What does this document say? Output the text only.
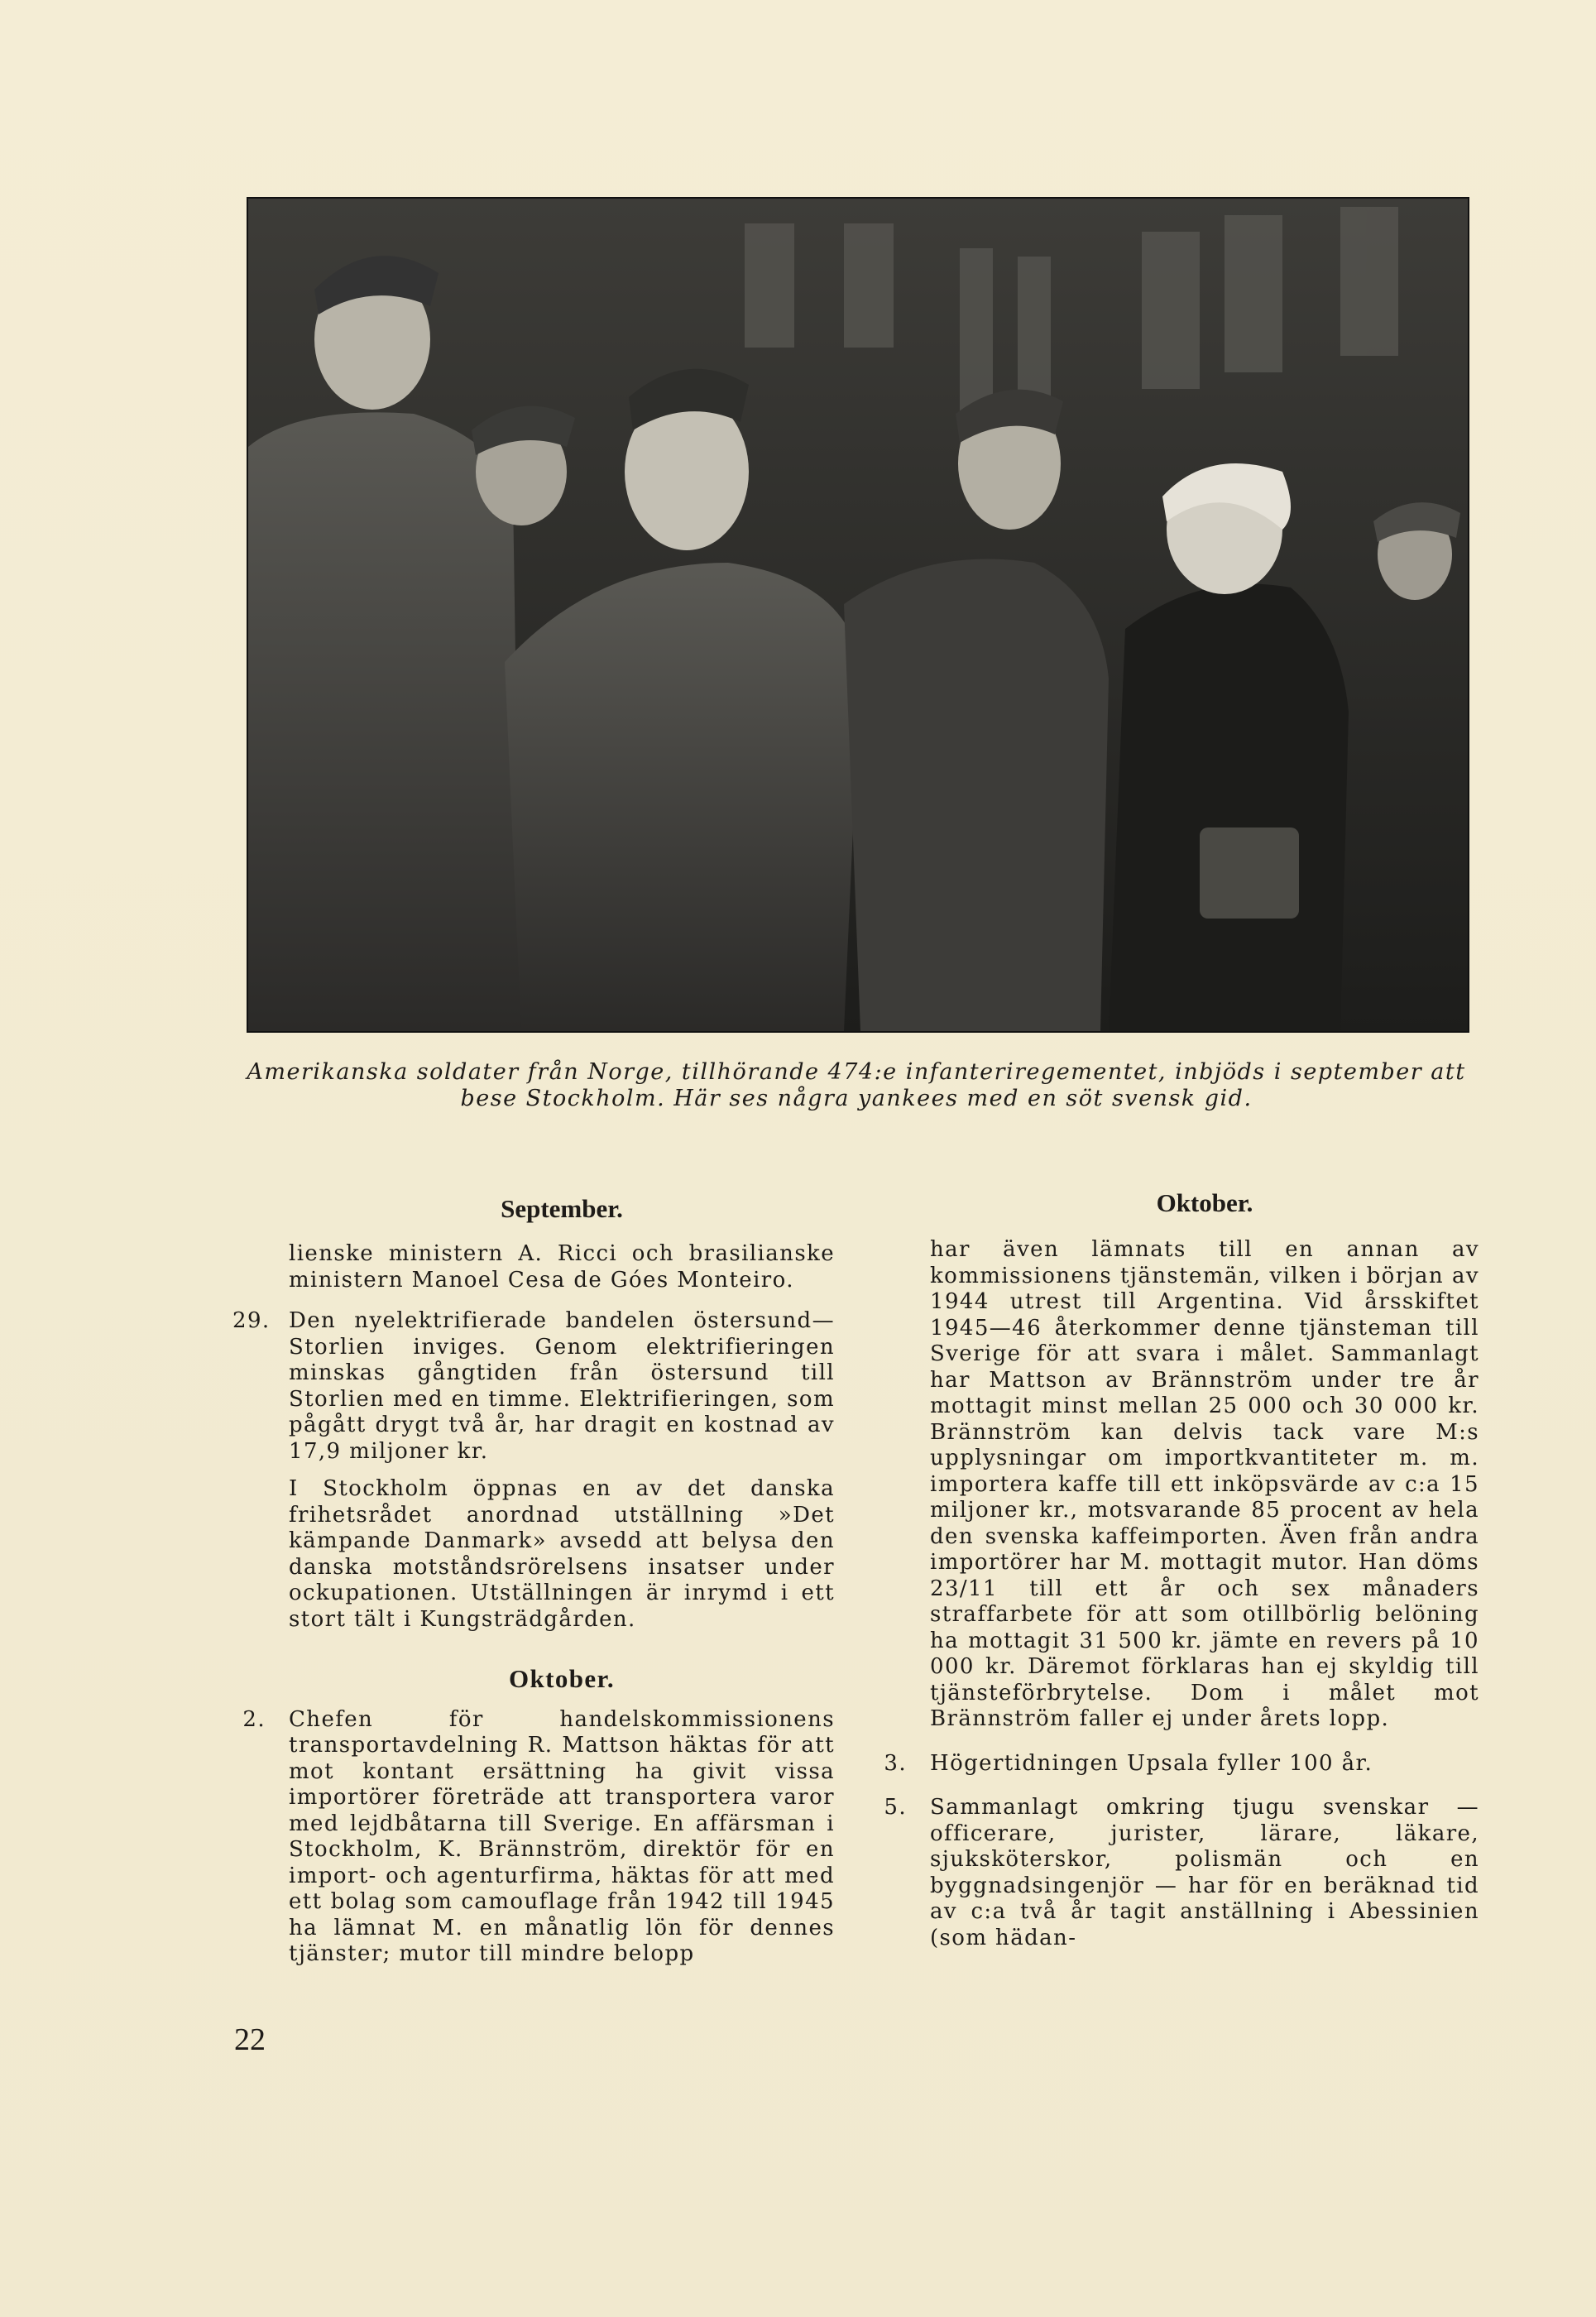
Amerikanska soldater från Norge, tillhörande 474:e infanteriregementet, inbjöds i september att
bese Stockholm. Här ses några yankees med en söt svensk gid.
September.	Oktober.
lienske ministern A. Ricci och brasilianske ministern Manoel Cesa de Góes Monteiro.
29. Den nyelektrifierade bandelen östersund—Storlien inviges. Genom elektrifieringen minskas gångtiden från östersund till Storlien med en timme. Elektrifieringen, som pågått drygt två år, har dragit en kostnad av 17,9 miljoner kr.
I Stockholm öppnas en av det danska frihetsrådet anordnad utställning »Det kämpande Danmark» avsedd att belysa den danska motståndsrörelsens insatser under ockupationen. Utställningen är inrymd i ett stort tält i Kungsträdgården.
Oktober.
2. Chefen för handelskommissionens transportavdelning R. Mattson häktas för att mot kontant ersättning ha givit vissa importörer företräde att transportera varor med lejdbåtarna till Sverige. En affärsman i Stockholm, K. Brännström, direktör för en import- och agenturfirma, häktas för att med ett bolag som camouflage från 1942 till 1945 ha lämnat M. en månatlig lön för dennes tjänster; mutor till mindre belopp
har även lämnats till en annan av kommissionens tjänstemän, vilken i början av 1944 utrest till Argentina. Vid årsskiftet 1945—46 återkommer denne tjänsteman till Sverige för att svara i målet. Sammanlagt har Mattson av Brännström under tre år mottagit minst mellan 25 000 och 30 000 kr. Brännström kan delvis tack vare M:s upplysningar om importkvantiteter m. m. importera kaffe till ett inköpsvärde av c:a 15 miljoner kr., motsvarande 85 procent av hela den svenska kaffeimporten. Även från andra importörer har M. mottagit mutor. Han döms 23/11 till ett år och sex månaders straffarbete för att som otillbörlig belöning ha mottagit 31 500 kr. jämte en revers på 10 000 kr. Däremot förklaras han ej skyldig till tjänsteförbrytelse. Dom i målet mot Brännström faller ej under årets lopp.
3. Högertidningen Upsala fyller 100 år.
5. Sammanlagt omkring tjugu svenskar — officerare, jurister, lärare, läkare, sjuksköterskor, polismän och en byggnadsingenjör — har för en beräknad tid av c:a två år tagit anställning i Abessinien (som hädan-
22
